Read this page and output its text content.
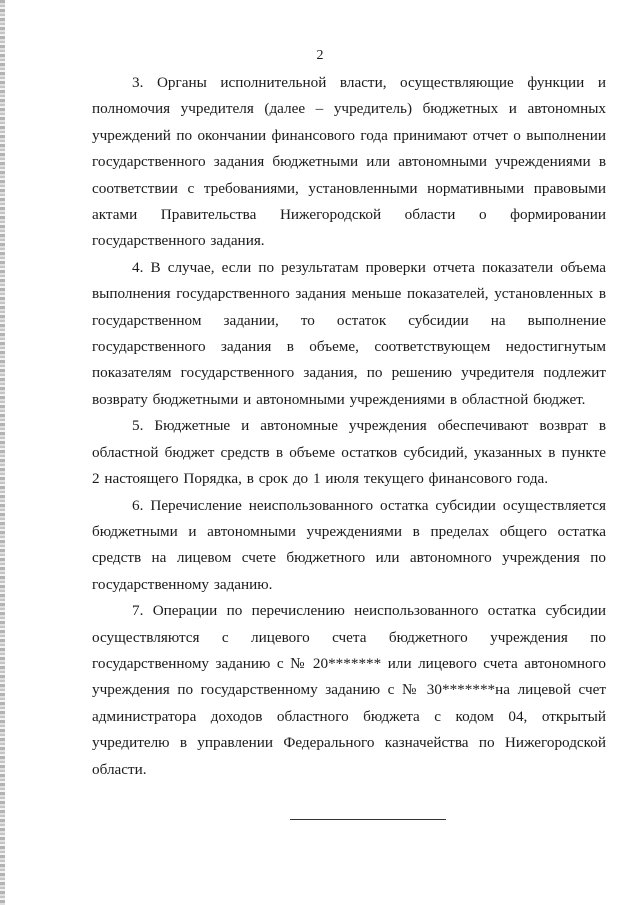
2

3. Органы исполнительной власти, осуществляющие функции и полномочия учредителя (далее – учредитель) бюджетных и автономных учреждений по окончании финансового года принимают отчет о выполнении государственного задания бюджетными или автономными учреждениями в соответствии с требованиями, установленными нормативными правовыми актами Правительства Нижегородской области о формировании государственного задания.

4. В случае, если по результатам проверки отчета показатели объема выполнения государственного задания меньше показателей, установленных в государственном задании, то остаток субсидии на выполнение государственного задания в объеме, соответствующем недостигнутым показателям государственного задания, по решению учредителя подлежит возврату бюджетными и автономными учреждениями в областной бюджет.

5. Бюджетные и автономные учреждения обеспечивают возврат в областной бюджет средств в объеме остатков субсидий, указанных в пункте 2 настоящего Порядка, в срок до 1 июля текущего финансового года.

6. Перечисление неиспользованного остатка субсидии осуществляется бюджетными и автономными учреждениями в пределах общего остатка средств на лицевом счете бюджетного или автономного учреждения по государственному заданию.

7. Операции по перечислению неиспользованного остатка субсидии осуществляются с лицевого счета бюджетного учреждения по государственному заданию с № 20******* или лицевого счета автономного учреждения по государственному заданию с № 30*******на лицевой счет администратора доходов областного бюджета с кодом 04, открытый учредителю в управлении Федерального казначейства по Нижегородской области.
